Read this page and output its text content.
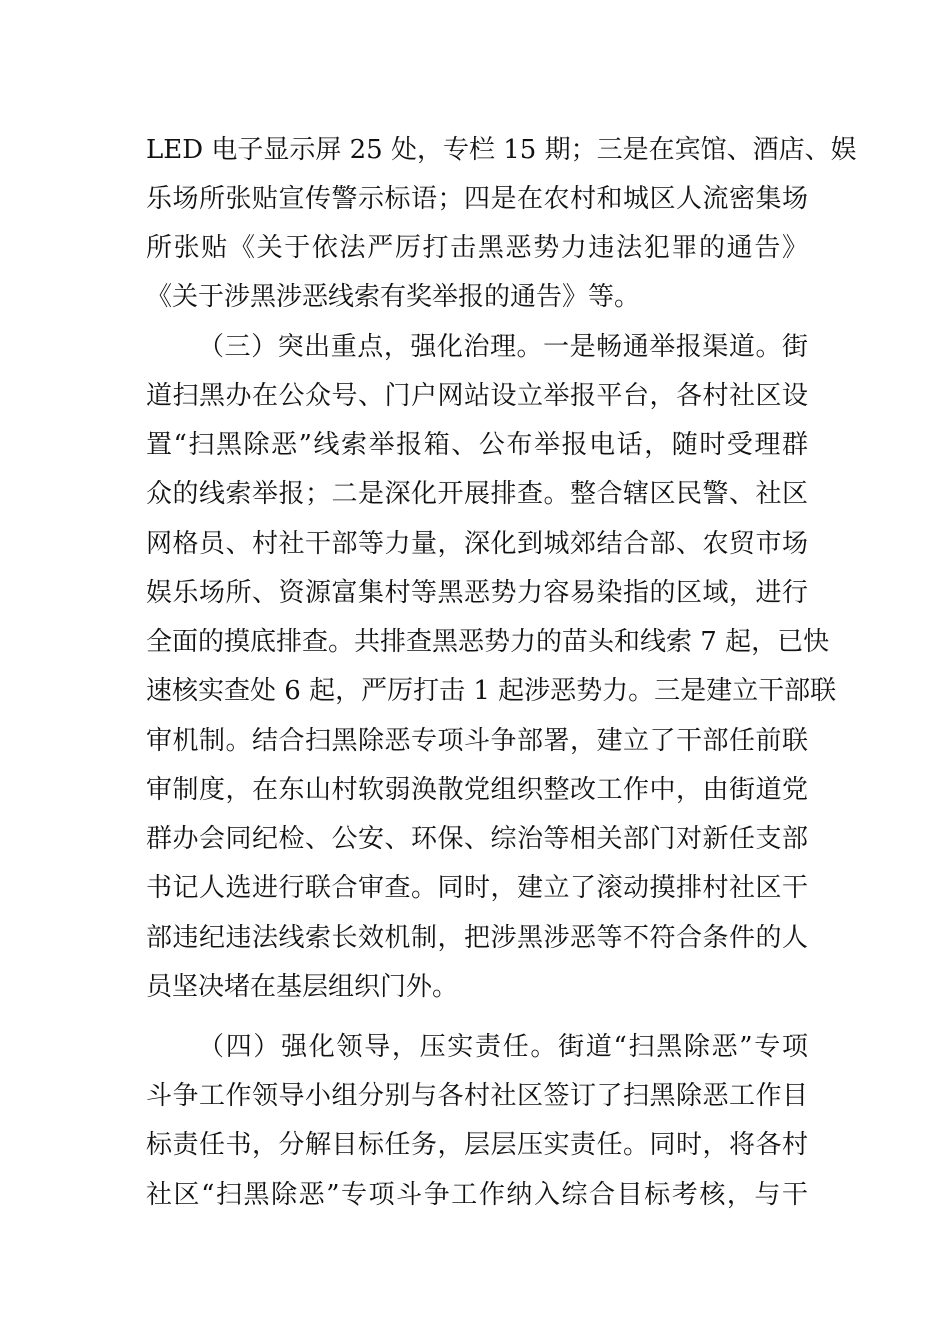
LED 电子显示屏 25 处，专栏 15 期；三是在宾馆、酒店、娱
乐场所张贴宣传警示标语；四是在农村和城区人流密集场
所张贴《关于依法严厉打击黑恶势力违法犯罪的通告》
《关于涉黑涉恶线索有奖举报的通告》等。
（三）突出重点，强化治理。一是畅通举报渠道。街
道扫黑办在公众号、门户网站设立举报平台，各村社区设
置“扫黑除恶”线索举报箱、公布举报电话，随时受理群
众的线索举报；二是深化开展排查。整合辖区民警、社区
网格员、村社干部等力量，深化到城郊结合部、农贸市场
娱乐场所、资源富集村等黑恶势力容易染指的区域，进行
全面的摸底排查。共排查黑恶势力的苗头和线索 7 起，已快
速核实查处 6 起，严厉打击 1 起涉恶势力。三是建立干部联
审机制。结合扫黑除恶专项斗争部署，建立了干部任前联
审制度，在东山村软弱涣散党组织整改工作中，由街道党
群办会同纪检、公安、环保、综治等相关部门对新任支部
书记人选进行联合审查。同时，建立了滚动摸排村社区干
部违纪违法线索长效机制，把涉黑涉恶等不符合条件的人
员坚决堵在基层组织门外。
（四）强化领导，压实责任。街道“扫黑除恶”专项
斗争工作领导小组分别与各村社区签订了扫黑除恶工作目
标责任书，分解目标任务，层层压实责任。同时，将各村
社区“扫黑除恶”专项斗争工作纳入综合目标考核，与干
